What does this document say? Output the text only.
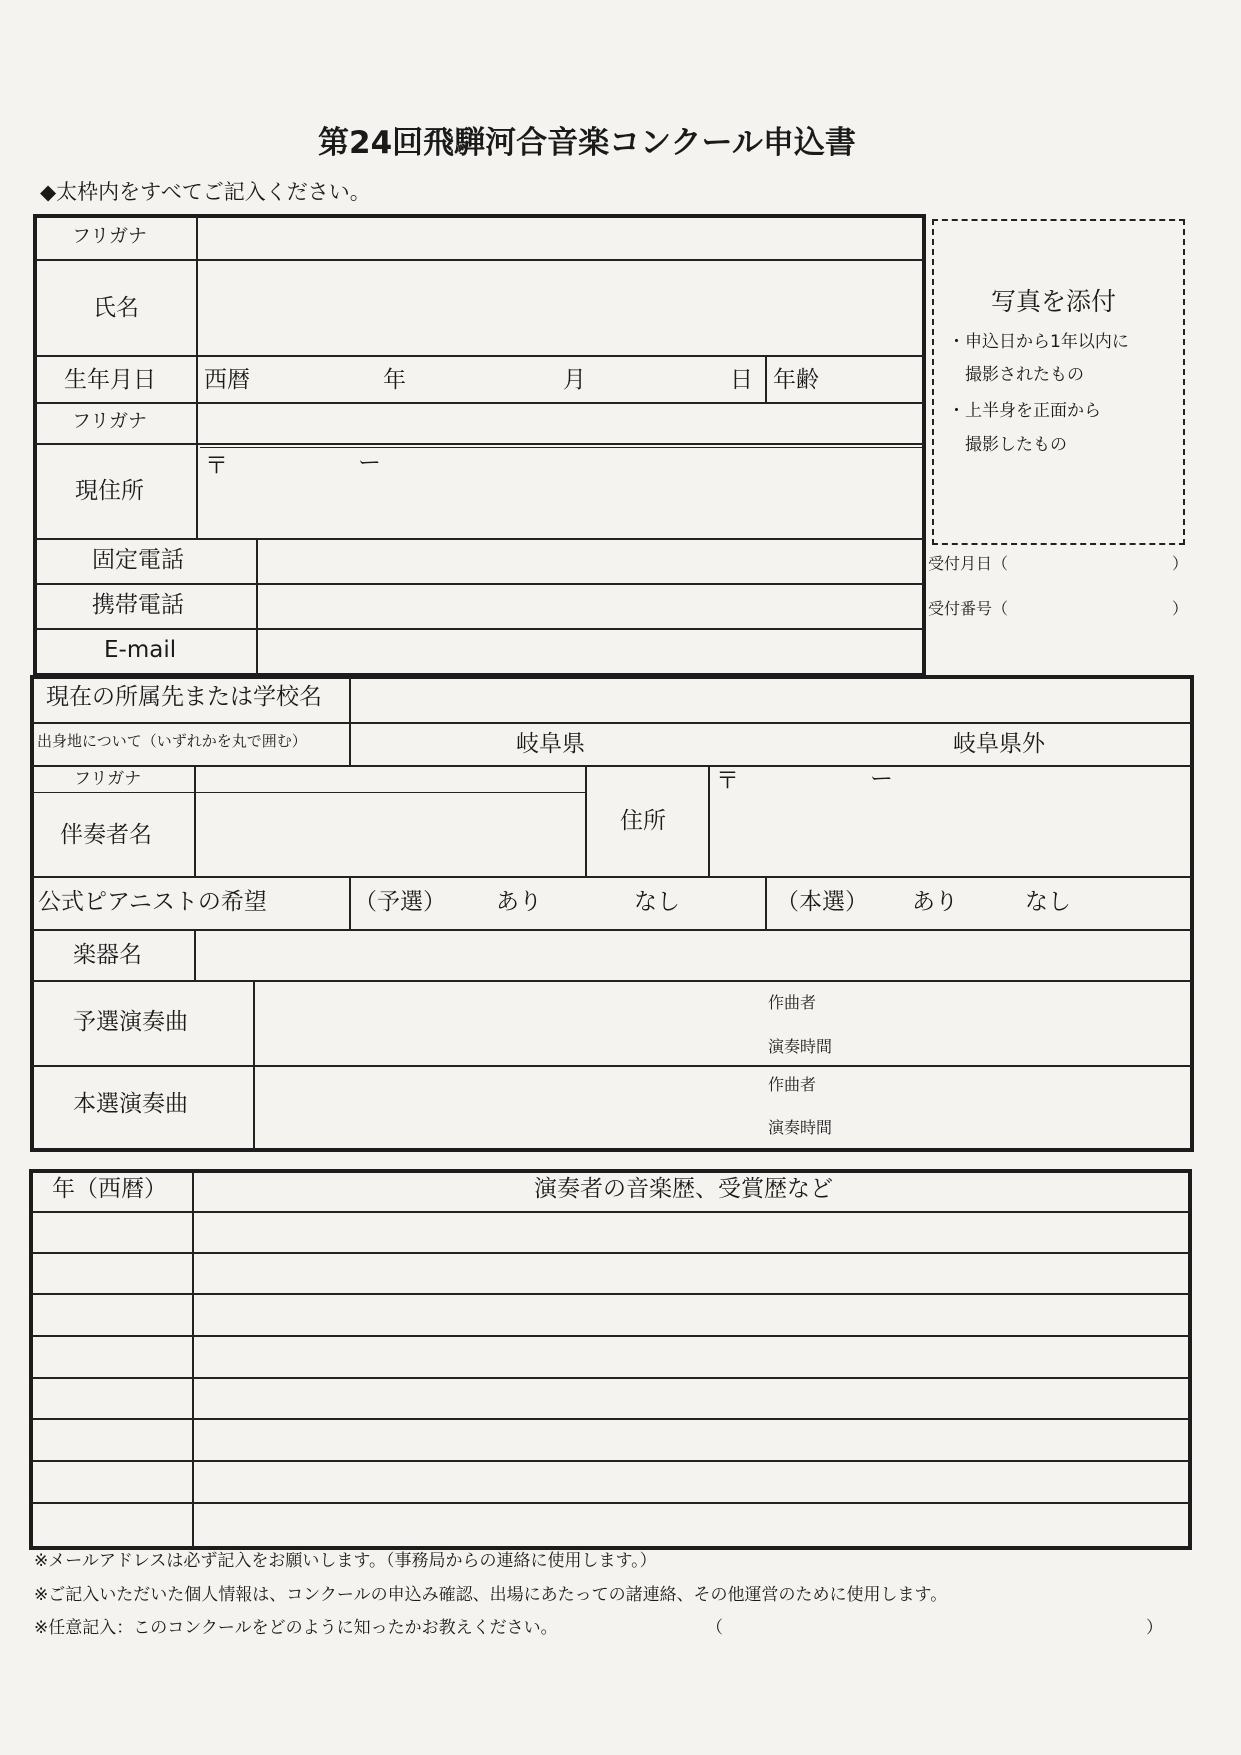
第24回飛騨河合音楽コンクール申込書
◆太枠内をすべてご記入ください。
フリガナ
氏名
生年月日 西暦	年	月	日 年齢
フリガナ
現住所
〒	ー
固定電話
携帯電話
E-mail
写真を添付
・申込日から1年以内に
撮影されたもの
・上半身を正面から
撮影したもの
受付月日（	）
受付番号（	）
現在の所属先または学校名
出身地について（いずれかを丸で囲む）	岐阜県	岐阜県外
フリガナ
伴奏者名
住所
〒	ー
公式ピアニストの希望	（予選） あり	なし	（本選） あり	なし
楽器名
予選演奏曲
作曲者
演奏時間
本選演奏曲
作曲者
演奏時間
年（西暦）	演奏者の音楽歴、受賞歴など
※メールアドレスは必ず記入をお願いします。（事務局からの連絡に使用します。）
※ご記入いただいた個人情報は、コンクールの申込み確認、出場にあたっての諸連絡、その他運営のために使用します。
※任意記入：このコンクールをどのように知ったかお教えください。	（	）
